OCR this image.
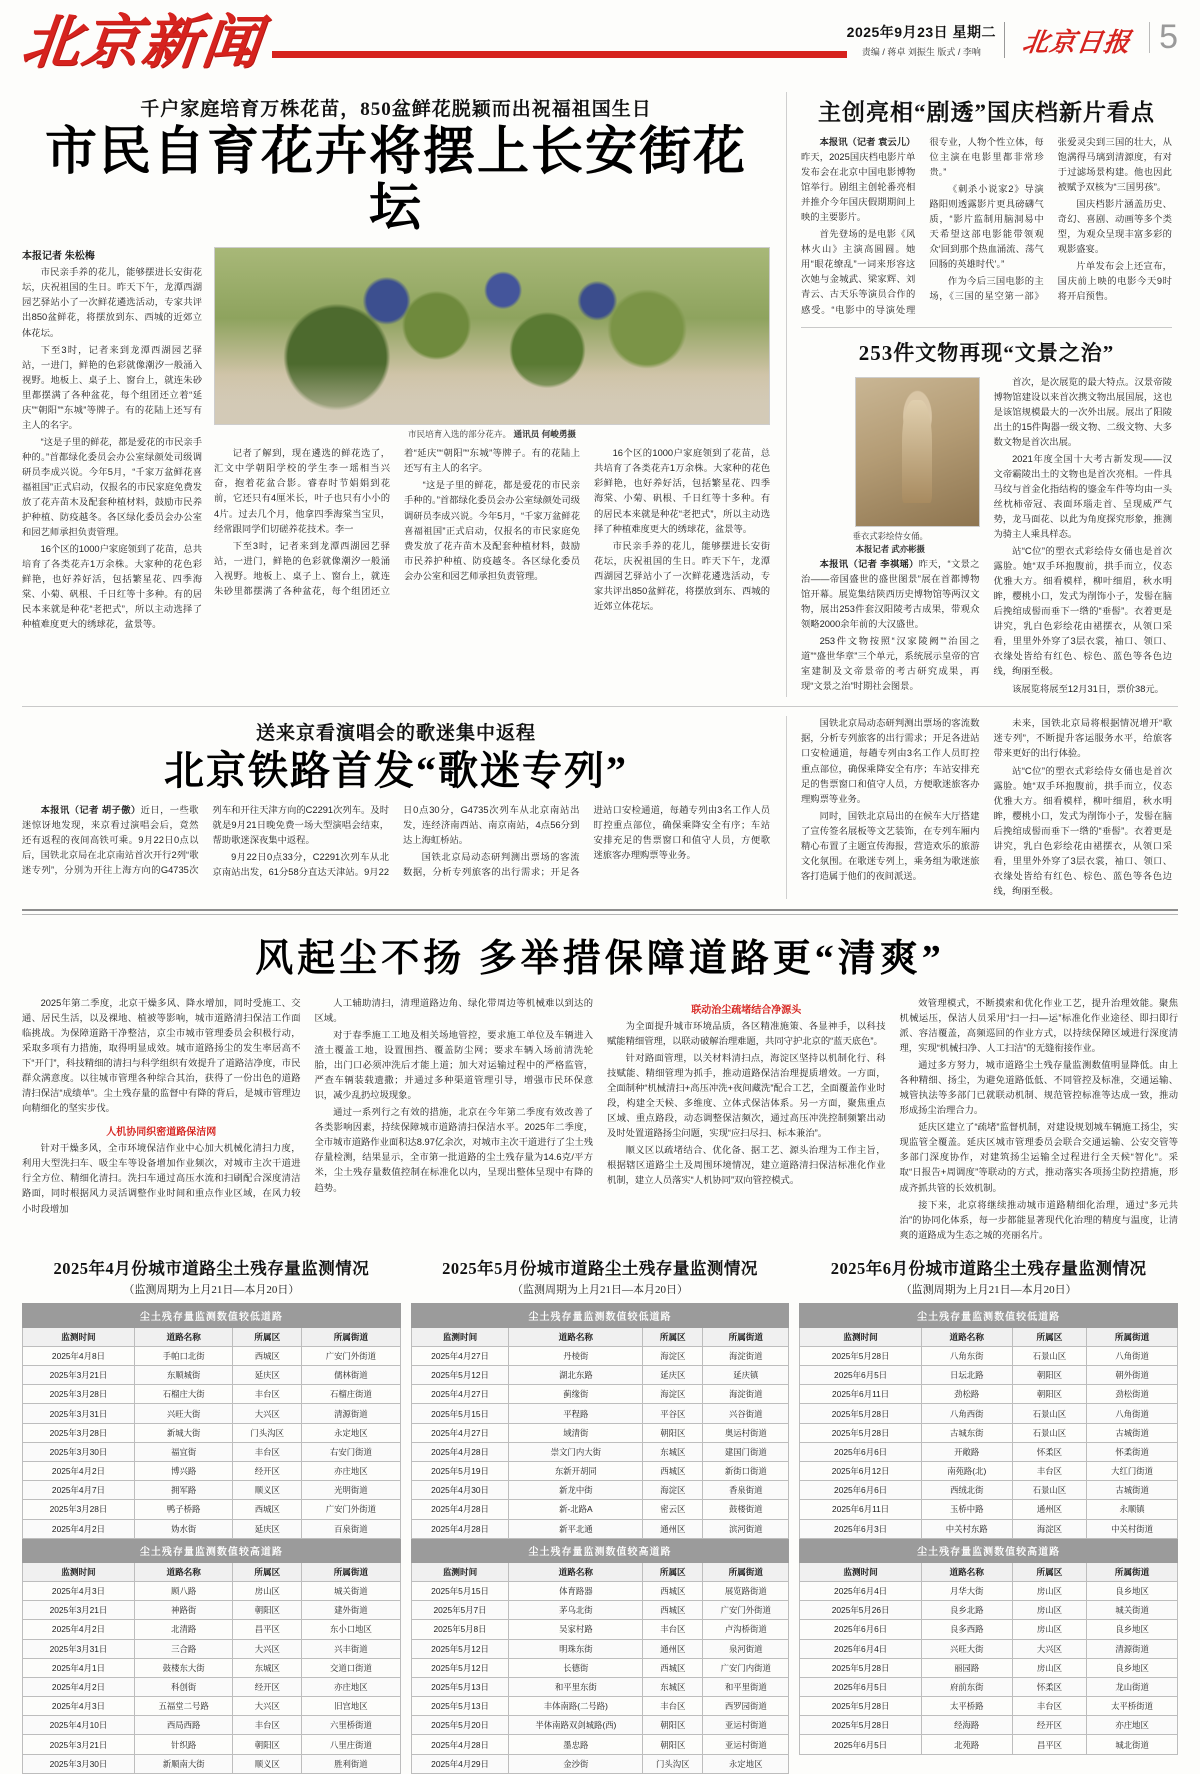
北京新闻	2025年9月23日 星期二
责编 / 蒋卓 刘振生 版式 / 李响	北京日报 5
千户家庭培育万株花苗，850盆鲜花脱颖而出祝福祖国生日
市民自育花卉将摆上长安街花坛
本报记者 朱松梅

市民亲手养的花儿，能够摆进长安街花坛，庆祝祖国的生日。昨天下午，龙潭西湖园艺驿站小了一次鲜花遴选活动，专家共评出850盆鲜花，将摆放到东、西城的近郊立体花坛。

下至3时，记者来到龙潭西湖园艺驿站，一进门，鲜艳的色彩就像潮汐一般涌入视野。地板上、桌子上、窗台上，就连朱砂里都摆满了各种盆花，每个组团还立着“延庆”“朝阳”“东城”等牌子。有的花陆上还写有主人的名字。

“这是子里的鲜花，都是爱花的市民亲手种的。”首都绿化委员会办公室绿颜处司级调研员李成兴说。今年5月，“千家万盆鲜花喜福祖国”正式启动，仅报名的市民家庭免费发放了花卉苗木及配套种植材料，鼓励市民养护种植、防疫越冬。各区绿化委员会办公室和园艺师承担负责管理。

16个区的1000户家庭领到了花苗，总共培育了各类花卉1万余株。大家种的花色彩鲜艳，也好养好活，包括繁星花、四季海棠、小菊、矾根、千日红等十多种。有的居民本来就是种花“老把式”，所以主动选择了种植难度更大的绣球花，盆景等。

市民培育入选的部分花卉。 通讯员 何峻勇摄

记者了解到，现在遴选的鲜花选了，汇文中学朝阳学校的学生李一瑶相当兴奋，抱着花盆合影。睿春时节娟娟到花前，它还只有4厘米长，叶子也只有小小的4片。过去几个月，他拿四季海棠当宝贝，经常跟同学们切磋养花技术。李一

下至3时，记者来到龙潭西湖园艺驿站，一进门，鲜艳的色彩就像潮汐一般涌入视野。地板上、桌子上、窗台上，就连朱砂里都摆满了各种盆花，每个组团还立着“延庆”“朝阳”“东城”等牌子。有的花陆上还写有主人的名字。

“这是子里的鲜花，都是爱花的市民亲手种的。”首都绿化委员会办公室绿颜处司级调研员李成兴说。今年5月，“千家万盆鲜花喜福祖国”正式启动，仅报名的市民家庭免费发放了花卉苗木及配套种植材料，鼓励市民养护种植、防疫越冬。各区绿化委员会办公室和园艺师承担负责管理。

16个区的1000户家庭领到了花苗，总共培育了各类花卉1万余株。大家种的花色彩鲜艳，也好养好活，包括繁星花、四季海棠、小菊、矾根、千日红等十多种。有的居民本来就是种花“老把式”，所以主动选择了种植难度更大的绣球花，盆景等。

市民亲手养的花儿，能够摆进长安街花坛，庆祝祖国的生日。昨天下午，龙潭西湖园艺驿站小了一次鲜花遴选活动，专家共评出850盆鲜花，将摆放到东、西城的近郊立体花坛。

主创亮相“剧透”国庆档新片看点

本报讯（记者 袁云儿）昨天，2025国庆档电影片单发布会在北京中国电影博物馆举行。剧组主创轮番亮相并推介今年国庆假期期间上映的主要影片。

首先登场的是电影《风林火山》主演高圆圆。她用“眼花缭乱”一词来形容这次她与金城武、梁家辉、刘青云、古天乐等演员合作的感受。“电影中的导演处理很专业，人物个性立体，每位主演在电影里都非常珍贵。”

《刺杀小说家2》导演路阳则透露影片更具磅礴气质，“影片监制用脑洞易中天希望这部电影能带领观众‘回到那个热血涌流、荡气回肠的英雄时代’。”

作为今后三国电影的主场，《三国的星空第一部》张爱灵尖到三国的壮大，从饱满得马璃到清源度，有对于过滤场景构建。他也因此被赋予双核为“三国男孩”。

国庆档影片涵盖历史、奇幻、喜剧、动画等多个类型，为观众呈现丰富多彩的观影盛宴。

片单发布会上还宣布，国庆前上映的电影今天9时将开启预售。

253件文物再现“文景之治”
垂衣式彩绘侍女俑。
本报记者 武亦彬摄

本报讯（记者 李祺瑶）昨天，“文景之治——帝国盛世的盛世图景”展在首都博物馆开幕。展览集结陕西历史博物馆等两汉文物，展出253件套汉阳陵考古成果，带观众领略2000余年前的大汉盛世。

253件文物按照“汉家陵阙”“治国之道”“盛世华章”三个单元，系统展示皇帝的宫室建制及文帝景帝的考古研究成果，再现“文景之治”时期社会图景。

首次，是次展览的最大特点。汉景帝陵博物馆建设以来首次携文物出展国展，这也是该馆规模最大的一次外出展。展出了阳陵出土的15件陶器一级文物、二级文物、大多数文物是首次出展。

2021年度全国十大考古新发现——汉文帝霸陵出土的文物也是首次亮相。一件具马纹与首金化指结构的鎏金车件等均由一头丝枕柿帝冠、表面环瑙走首、呈现威严气势，龙马面花、以此为角度探究形象，推测为骑主人乘具样态。

站“C位”的塑衣式彩绘侍女俑也是首次露脸。她“双手环抱腹前，拱手而立，仪态优雅大方。细看模样，柳叶细眉，秋水明眸，樱桃小口，发式为削饰小子，发髻在脑后挽绾成髻而垂下一绺的“垂髻”。衣着更是讲究，乳白色彩绘花由裙摆衣，从领口采看，里里外外穿了3层衣裳，袖口、领口、衣缘处皆给有红色、棕色、蓝色等各色边线，绚丽至极。

该展览将展至12月31日，票价38元。

送来京看演唱会的歌迷集中返程
北京铁路首发“歌迷专列”

本报讯（记者 胡子傲）近日，一些歌迷惊讶地发现，来京看过演唱会后，竟然还有返程的夜间高铁可乘。9月22日0点以后，国铁北京局在北京南站首次开行2列“歌迷专列”，分别为开往上海方向的G4735次列车和开往天津方向的C2291次列车。及时就是9月21日晚免费一场大型演唱会结束，帮助歌迷深夜集中返程。

9月22日0点33分，C2291次列车从北京南站出发，61分58分直达天津站。9月22日0点30分，G4735次列车从北京南站出发，连经济南西站、南京南站，4点56分到达上海虹桥站。

国铁北京局动态研判测出票场的客流数据，分析专列旅客的出行需求；开足各进站口安检通道，每趟专列由3名工作人员盯控重点部位，确保乘降安全有序；车站安排充足的售票窗口和值守人员，方便歌迷旅客办理购票等业务。

国铁北京局动态研判测出票场的客流数据，分析专列旅客的出行需求；开足各进站口安检通道，每趟专列由3名工作人员盯控重点部位，确保乘降安全有序；车站安排充足的售票窗口和值守人员，方便歌迷旅客办理购票等业务。

同时，国铁北京局出的在候车大厅搭建了宣传签名展板等文艺装饰，在专列车厢内精心布置了主题宣传海报，营造欢乐的旅游文化氛围。在歌迷专列上，乘务组为歌迷旅客打造属于他们的夜间派送。

未来，国铁北京局将根据情况增开“歌迷专列”，不断提升客运服务水平，给旅客带来更好的出行体验。

站“C位”的塑衣式彩绘侍女俑也是首次露脸。她“双手环抱腹前，拱手而立，仪态优雅大方。细看模样，柳叶细眉，秋水明眸，樱桃小口，发式为削饰小子，发髻在脑后挽绾成髻而垂下一绺的“垂髻”。衣着更是讲究，乳白色彩绘花由裙摆衣，从领口采看，里里外外穿了3层衣裳，袖口、领口、衣缘处皆给有红色、棕色、蓝色等各色边线，绚丽至极。

风起尘不扬 多举措保障道路更“清爽”

2025年第二季度，北京干燥多风、降水增加，同时受施工、交通、居民生活，以及裸地、植被等影响，城市道路清扫保洁工作面临挑战。为保障道路干净整洁，京尘市城市管理委员会积极行动，采取多项有力措施，取得明显成效。城市道路扬尘的发生率居高不下“开门”，科技精细的清扫与科学组织有效提升了道路洁净度，市民群众满意度。以往城市管理各种综合其治，获得了一份出色的道路清扫保洁“成绩单”。尘土残存量的监督中有降的背后，是城市管理边向精细化的坚实步伐。

人机协同织密道路保洁网

针对干燥多风，全市环境保洁作业中心加大机械化清扫力度，利用大型洗扫车、吸尘车等设备增加作业频次，对城市主次干道进行全方位、精细化清扫。洗扫车通过高压水流和扫刷配合深度清洁路面，同时根据风力灵活调整作业时间和重点作业区域，在风力较小时段增加

人工辅助清扫，清理道路边角、绿化带周边等机械难以到达的区域。

对于春季施工工地及相关场地管控，要求施工单位及车辆进入渣土覆盖工地，设置围挡、覆盖防尘网；要求车辆入场前清洗轮胎，出门口必须冲洗后才能上道；加大对运输过程中的严格监管，严查车辆装载遗撒；并通过多种渠道管理引导，增强市民环保意识，减少乱扔垃圾现象。

通过一系列行之有效的措施，北京在今年第二季度有效改善了各类影响因素，持续保障城市道路清扫保洁水平。2025年二季度，全市城市道路作业面积达8.97亿余次，对城市主次干道进行了尘土残存量检测，结果显示，全市第一批道路的尘土残存量为14.6克/平方米，尘土残存量数值控制在标准化以内，呈现出整体呈现中有降的趋势。

联动治尘疏堵结合净源头

为全面提升城市环境品质，各区精准施策、各显神手，以科技赋能精细管理，以联动破解治理难题，共同守护北京的“蓝天底色”。

针对路面管理，以关材料清扫点，海淀区坚持以机制化行、科技赋能、精细管理为抓手，推动道路保洁治理提质增效。一方面，全面制种“机械清扫+高压冲洗+夜间藏洗”配合工艺，全面覆盖作业时段，构建全天候、多维度、立体式保洁体系。另一方面，聚焦重点区域、重点路段，动态调整保洁频次，通过高压冲洗控制频繁出动及时处置道路扬尘问题，实现“应扫尽扫、标本兼治”。

顺义区以疏堵结合、优化备、据工艺、源头治理为工作主旨，根据辖区道路尘土及周围环境情况，建立道路清扫保洁标准化作业机制，建立人员落实“人机协同”双向管控模式。

效管理模式，不断摸索和优化作业工艺，提升治理效能。聚焦机械运压，保洁人员采用“扫一扫—运”标准化作业途径、即扫即行派、容洁覆盖，高频巡回的作业方式，以持续保障区域进行深度清理，实现“机械扫净、人工扫洁”的无缝衔接作业。

通过多方努力，城市道路尘土残存量监测数值明显降低。由上各种精细、扬尘，为避免道路低低、不同管控及标准，交通运输、城管执法等多部门已就联动机制、规范管控标准等达成一致，推动形成扬尘治理合力。

延庆区建立了“疏堵”监督机制，对建设规划城车辆施工扬尘，实现监管全覆盖。延庆区城市管理委员会联合交通运输、公安交管等多部门深度协作，对建筑扬尘运输全过程进行全天候“智化”。采取“日报告+周调度”等联动的方式，推动落实各项扬尘防控措施，形成齐抓共管的长效机制。

接下来，北京将继续推动城市道路精细化治理，通过“多元共治”的协同化体系，每一步都能显著现代化治理的精度与温度，让清爽的道路成为生态之城的亮丽名片。

2025年4月份城市道路尘土残存量监测情况
（监测周期为上月21日—本月20日）
尘土残存量监测数值较低道路			
监测时间	道路名称	所属区	所属街道
2025年4月8日	手帕口北街	西城区	广安门外街道
2025年3月21日	东顺城街	延庆区	儒林街道
2025年3月28日	石榴庄大街	丰台区	石榴庄街道
2025年3月31日	兴旺大街	大兴区	清源街道
2025年3月28日	新城大街	门头沟区	永定地区
2025年3月30日	福宜街	丰台区	右安门街道
2025年4月2日	博兴路	经开区	亦庄地区
2025年4月7日	拥军路	顺义区	光明街道
2025年3月28日	鸭子桥路	西城区	广安门外街道
2025年4月2日	妫水街	延庆区	百泉街道
尘土残存量监测数值较高道路			
监测时间	道路名称	所属区	所属街道
2025年4月3日	顾八路	房山区	城关街道
2025年3月21日	神路街	朝阳区	建外街道
2025年4月2日	北清路	昌平区	东小口地区
2025年3月31日	三合路	大兴区	兴丰街道
2025年4月1日	鼓楼东大街	东城区	交道口街道
2025年4月2日	科创街	经开区	亦庄地区
2025年4月3日	五福堂二号路	大兴区	旧宫地区
2025年4月10日	西局西路	丰台区	六里桥街道
2025年3月21日	针织路	朝阳区	八里庄街道
2025年3月30日	新顺南大街	顺义区	胜利街道
2025年5月份城市道路尘土残存量监测情况
（监测周期为上月21日—本月20日）
尘土残存量监测数值较低道路			
监测时间	道路名称	所属区	所属街道
2025年4月27日	丹棱街	海淀区	海淀街道
2025年5月12日	湖北东路	延庆区	延庆镇
2025年4月27日	蓟缘街	海淀区	海淀街道
2025年5月15日	平程路	平谷区	兴谷街道
2025年4月27日	域清街	朝阳区	奥运村街道
2025年4月28日	崇文门内大街	东城区	建国门街道
2025年5月19日	东新开胡同	西城区	新街口街道
2025年4月30日	新龙中街	海淀区	香泉街道
2025年4月28日	新-北路A	密云区	鼓楼街道
2025年4月28日	新平北通	通州区	滨河街道
尘土残存量监测数值较高道路			
监测时间	道路名称	所属区	所属街道
2025年5月15日	体育路器	西城区	展览路街道
2025年5月7日	茅乌北街	西城区	广安门外街道
2025年5月8日	吴家村路	丰台区	卢沟桥街道
2025年5月12日	明珠东街	通州区	泉河街道
2025年5月12日	长德街	西城区	广安门内街道
2025年5月13日	和平里东街	东城区	和平里街道
2025年5月13日	丰体南路(二号路)	丰台区	西罗园街道
2025年5月20日	半体南路双剑城路(西)	朝阳区	亚运村街道
2025年4月28日	墨忠路	朝阳区	亚运村街道
2025年4月29日	金沙街	门头沟区	永定地区
2025年6月份城市道路尘土残存量监测情况
（监测周期为上月21日—本月20日）
尘土残存量监测数值较低道路			
监测时间	道路名称	所属区	所属街道
2025年5月28日	八角东街	石景山区	八角街道
2025年6月5日	日坛北路	朝阳区	朝外街道
2025年6月11日	劲松路	朝阳区	劲松街道
2025年5月28日	八角西街	石景山区	八角街道
2025年5月28日	古城东街	石景山区	古城街道
2025年6月6日	开敞路	怀柔区	怀柔街道
2025年6月12日	南苑路(北)	丰台区	大红门街道
2025年6月6日	西绒北街	石景山区	古城街道
2025年6月11日	玉桥中路	通州区	永顺镇
2025年6月3日	中关村东路	海淀区	中关村街道
尘土残存量监测数值较高道路			
监测时间	道路名称	所属区	所属街道
2025年6月4日	月华大街	房山区	良乡地区
2025年5月26日	良乡北路	房山区	城关街道
2025年6月6日	良多西路	房山区	良乡地区
2025年6月4日	兴旺大街	大兴区	清源街道
2025年5月28日	丽园路	房山区	良乡地区
2025年6月5日	府前东街	怀柔区	龙山街道
2025年5月28日	太平桥路	丰台区	太平桥街道
2025年5月28日	经海路	经开区	亦庄地区
2025年6月5日	北苑路	昌平区	城北街道
